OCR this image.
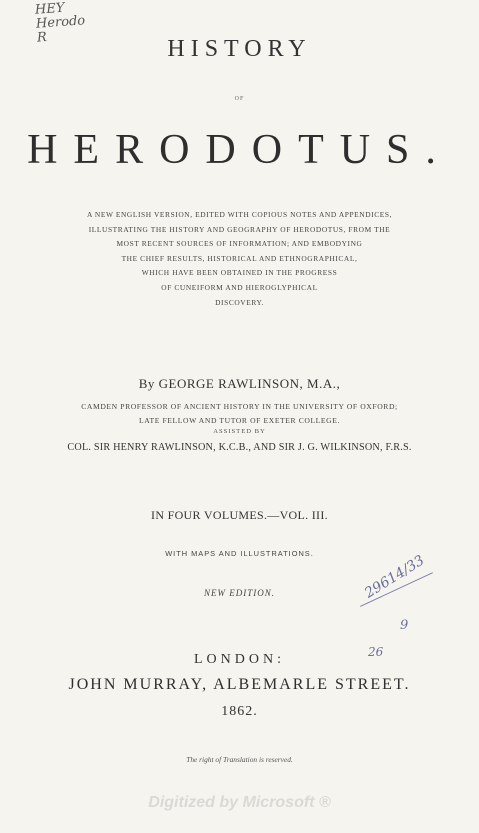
HEY
Herodo
R	HISTORY
OF
HERODOTUS.
A NEW ENGLISH VERSION, EDITED WITH COPIOUS NOTES AND APPENDICES,
ILLUSTRATING THE HISTORY AND GEOGRAPHY OF HERODOTUS, FROM THE
MOST RECENT SOURCES OF INFORMATION; AND EMBODYING
THE CHIEF RESULTS, HISTORICAL AND ETHNOGRAPHICAL,
WHICH HAVE BEEN OBTAINED IN THE PROGRESS
OF CUNEIFORM AND HIEROGLYPHICAL
DISCOVERY.
By GEORGE RAWLINSON, M.A.,
CAMDEN PROFESSOR OF ANCIENT HISTORY IN THE UNIVERSITY OF OXFORD;
LATE FELLOW AND TUTOR OF EXETER COLLEGE.
ASSISTED BY
COL. SIR HENRY RAWLINSON, K.C.B., AND SIR J. G. WILKINSON, F.R.S.
IN FOUR VOLUMES.—VOL. III.
WITH MAPS AND ILLUSTRATIONS.
NEW EDITION.	29614/33
9
26
LONDON:
JOHN MURRAY, ALBEMARLE STREET.
1862.
The right of Translation is reserved.
Digitized by Microsoft ®
